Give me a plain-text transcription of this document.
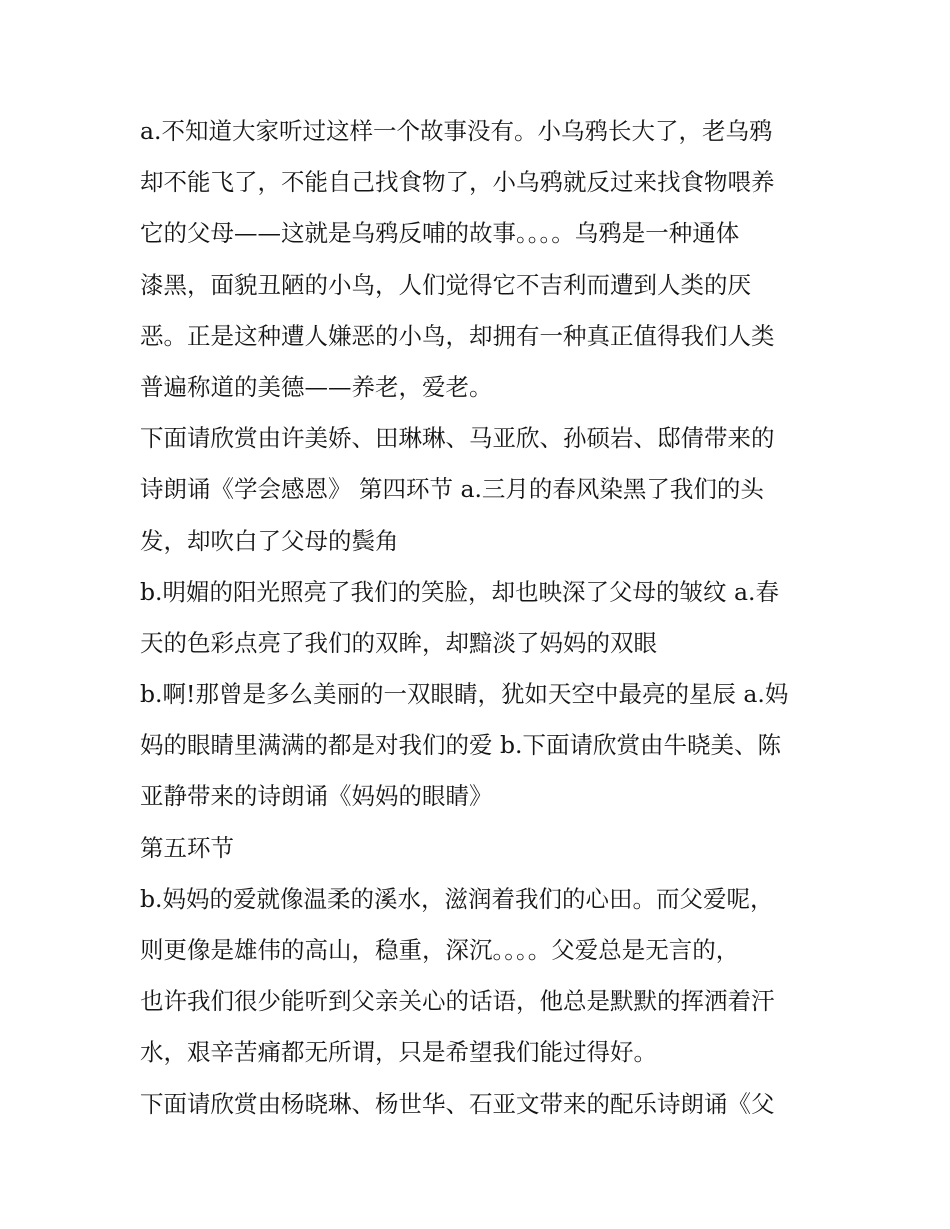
a.不知道大家听过这样一个故事没有。小乌鸦长大了，老乌鸦
却不能飞了，不能自己找食物了，小乌鸦就反过来找食物喂养
它的父母——这就是乌鸦反哺的故事。。。。乌鸦是一种通体
漆黑，面貌丑陋的小鸟，人们觉得它不吉利而遭到人类的厌
恶。正是这种遭人嫌恶的小鸟，却拥有一种真正值得我们人类
普遍称道的美德——养老，爱老。

下面请欣赏由许美娇、田琳琳、马亚欣、孙硕岩、邸倩带来的
诗朗诵《学会感恩》 第四环节 a.三月的春风染黑了我们的头
发，却吹白了父母的鬓角

b.明媚的阳光照亮了我们的笑脸，却也映深了父母的皱纹 a.春
天的色彩点亮了我们的双眸，却黯淡了妈妈的双眼

b.啊!那曾是多么美丽的一双眼睛，犹如天空中最亮的星辰 a.妈
妈的眼睛里满满的都是对我们的爱 b.下面请欣赏由牛晓美、陈
亚静带来的诗朗诵《妈妈的眼睛》

第五环节

b.妈妈的爱就像温柔的溪水，滋润着我们的心田。而父爱呢，
则更像是雄伟的高山，稳重，深沉。。。。父爱总是无言的，
也许我们很少能听到父亲关心的话语，他总是默默的挥洒着汗
水，艰辛苦痛都无所谓，只是希望我们能过得好。

下面请欣赏由杨晓琳、杨世华、石亚文带来的配乐诗朗诵《父
